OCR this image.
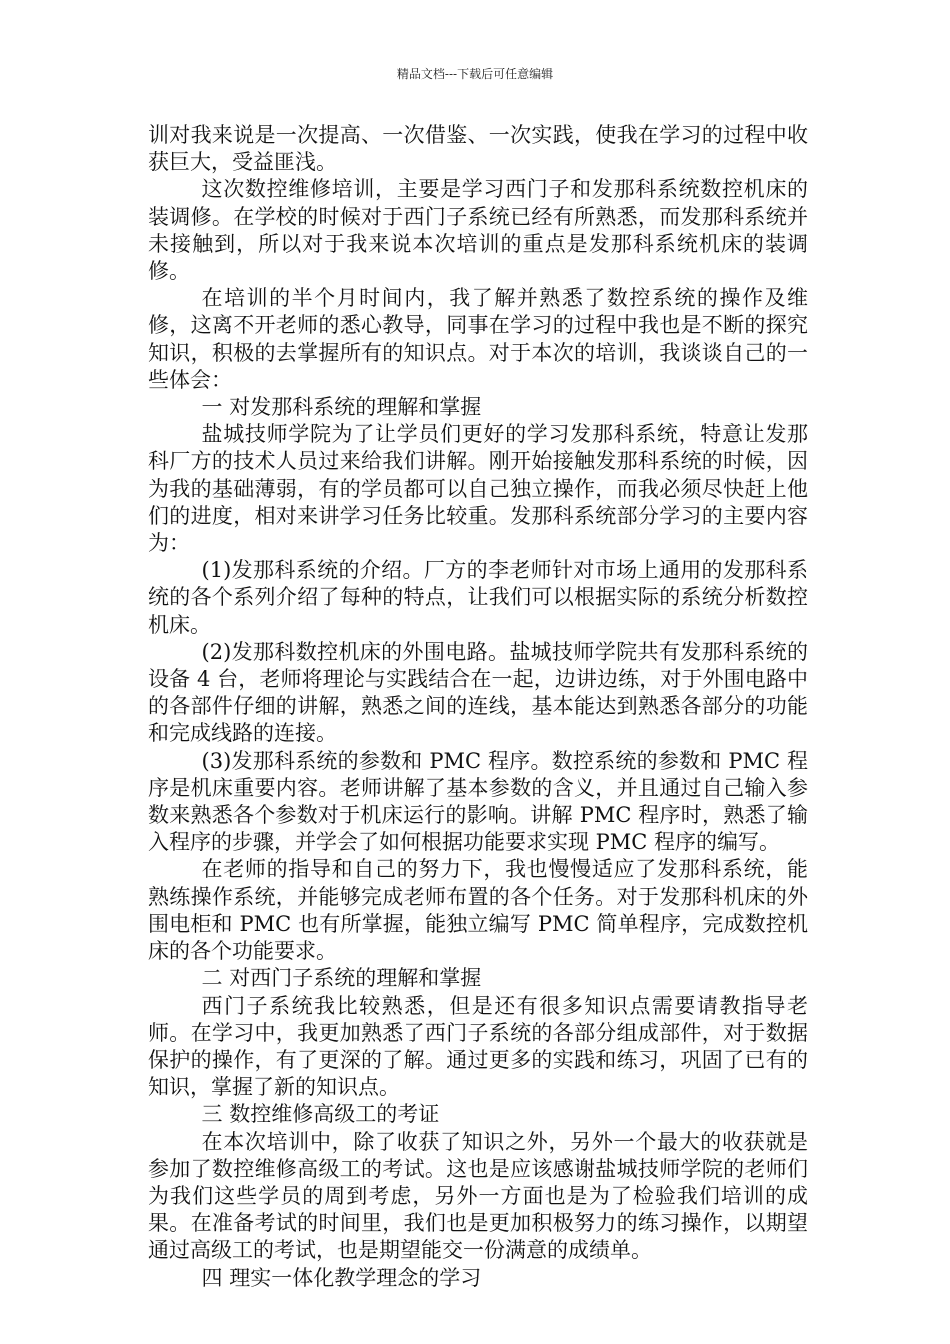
精品文档---下载后可任意编辑

训对我来说是一次提高、一次借鉴、一次实践，使我在学习的过程中收获巨大，受益匪浅。

这次数控维修培训，主要是学习西门子和发那科系统数控机床的装调修。在学校的时候对于西门子系统已经有所熟悉，而发那科系统并未接触到，所以对于我来说本次培训的重点是发那科系统机床的装调修。

在培训的半个月时间内，我了解并熟悉了数控系统的操作及维修，这离不开老师的悉心教导，同事在学习的过程中我也是不断的探究知识，积极的去掌握所有的知识点。对于本次的培训，我谈谈自己的一些体会：

一 对发那科系统的理解和掌握

盐城技师学院为了让学员们更好的学习发那科系统，特意让发那科厂方的技术人员过来给我们讲解。刚开始接触发那科系统的时候，因为我的基础薄弱，有的学员都可以自己独立操作，而我必须尽快赶上他们的进度，相对来讲学习任务比较重。发那科系统部分学习的主要内容为：

(1)发那科系统的介绍。厂方的李老师针对市场上通用的发那科系统的各个系列介绍了每种的特点，让我们可以根据实际的系统分析数控机床。

(2)发那科数控机床的外围电路。盐城技师学院共有发那科系统的设备 4 台，老师将理论与实践结合在一起，边讲边练，对于外围电路中的各部件仔细的讲解，熟悉之间的连线，基本能达到熟悉各部分的功能和完成线路的连接。

(3)发那科系统的参数和 PMC 程序。数控系统的参数和 PMC 程序是机床重要内容。老师讲解了基本参数的含义，并且通过自己输入参数来熟悉各个参数对于机床运行的影响。讲解 PMC 程序时，熟悉了输入程序的步骤，并学会了如何根据功能要求实现 PMC 程序的编写。

在老师的指导和自己的努力下，我也慢慢适应了发那科系统，能熟练操作系统，并能够完成老师布置的各个任务。对于发那科机床的外围电柜和 PMC 也有所掌握，能独立编写 PMC 简单程序，完成数控机床的各个功能要求。

二 对西门子系统的理解和掌握

西门子系统我比较熟悉，但是还有很多知识点需要请教指导老师。在学习中，我更加熟悉了西门子系统的各部分组成部件，对于数据保护的操作，有了更深的了解。通过更多的实践和练习，巩固了已有的知识，掌握了新的知识点。

三 数控维修高级工的考证

在本次培训中，除了收获了知识之外，另外一个最大的收获就是参加了数控维修高级工的考试。这也是应该感谢盐城技师学院的老师们为我们这些学员的周到考虑，另外一方面也是为了检验我们培训的成果。在准备考试的时间里，我们也是更加积极努力的练习操作，以期望通过高级工的考试，也是期望能交一份满意的成绩单。

四 理实一体化教学理念的学习
